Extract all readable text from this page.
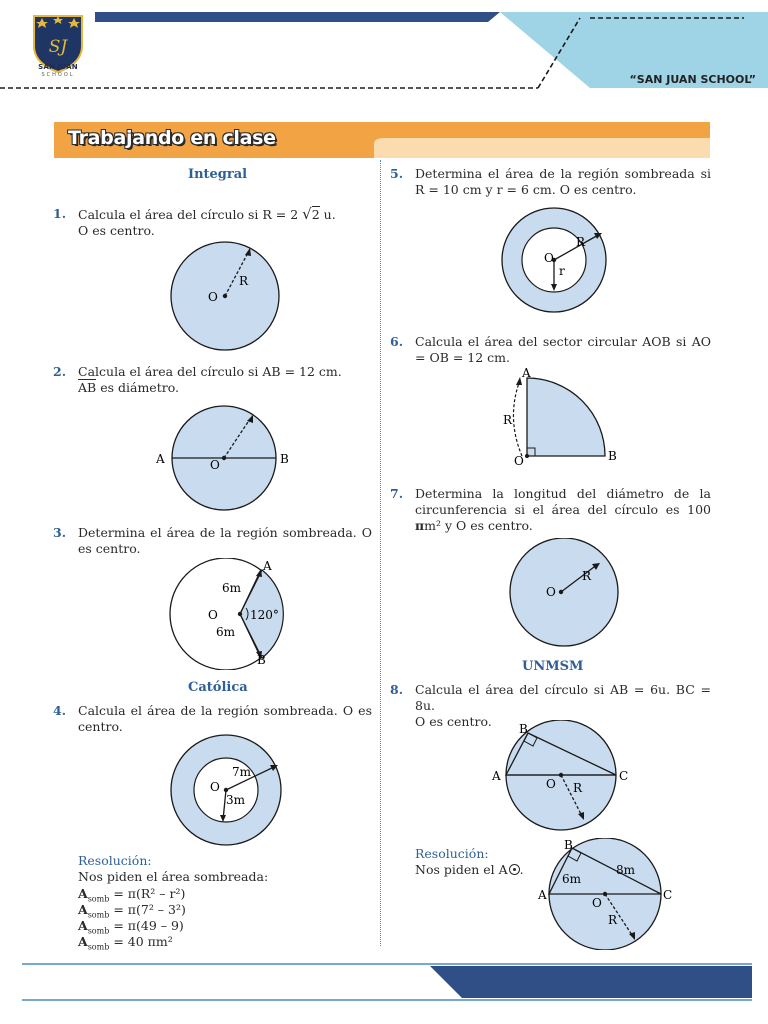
SJ
SAN JUAN
SCHOOL	“SAN JUAN SCHOOL”
Trabajando en clase
Integral
1. Calcula el área del círculo si R = 2 √2 u.
O es centro.
R
O
2. Calcula el área del círculo si AB = 12 cm.
AB es diámetro.
A	B
O
3. Determina el área de la región sombreada. O es centro.
A
B
O
6m
6m
120°
Católica
4. Calcula el área de la región sombreada. O es centro.
O
7m
3m
Resolución:
Nos piden el área sombreada:
$A_{somb} = \pi(R^2 - r^2)$
$A_{somb} = \pi(7^2 - 3^2)$
$A_{somb} = \pi(49 - 9)$
$A_{somb} = 40$ πm²
5. Determina el área de la región sombreada si R = 10 cm y r = 6 cm. O es centro.
O
R
r
6. Calcula el área del sector circular AOB si AO = OB = 12 cm.
A
B
O
R
7. Determina la longitud del diámetro de la circunferencia si el área del círculo es 100 πm² y O es centro.
O
R
UNMSM
8. Calcula el área del círculo si AB = 6u. BC = 8u.
O es centro.
A
B
C
O R
Resolución:
Nos piden el A .
A
B
C
O
R
6m
8m
